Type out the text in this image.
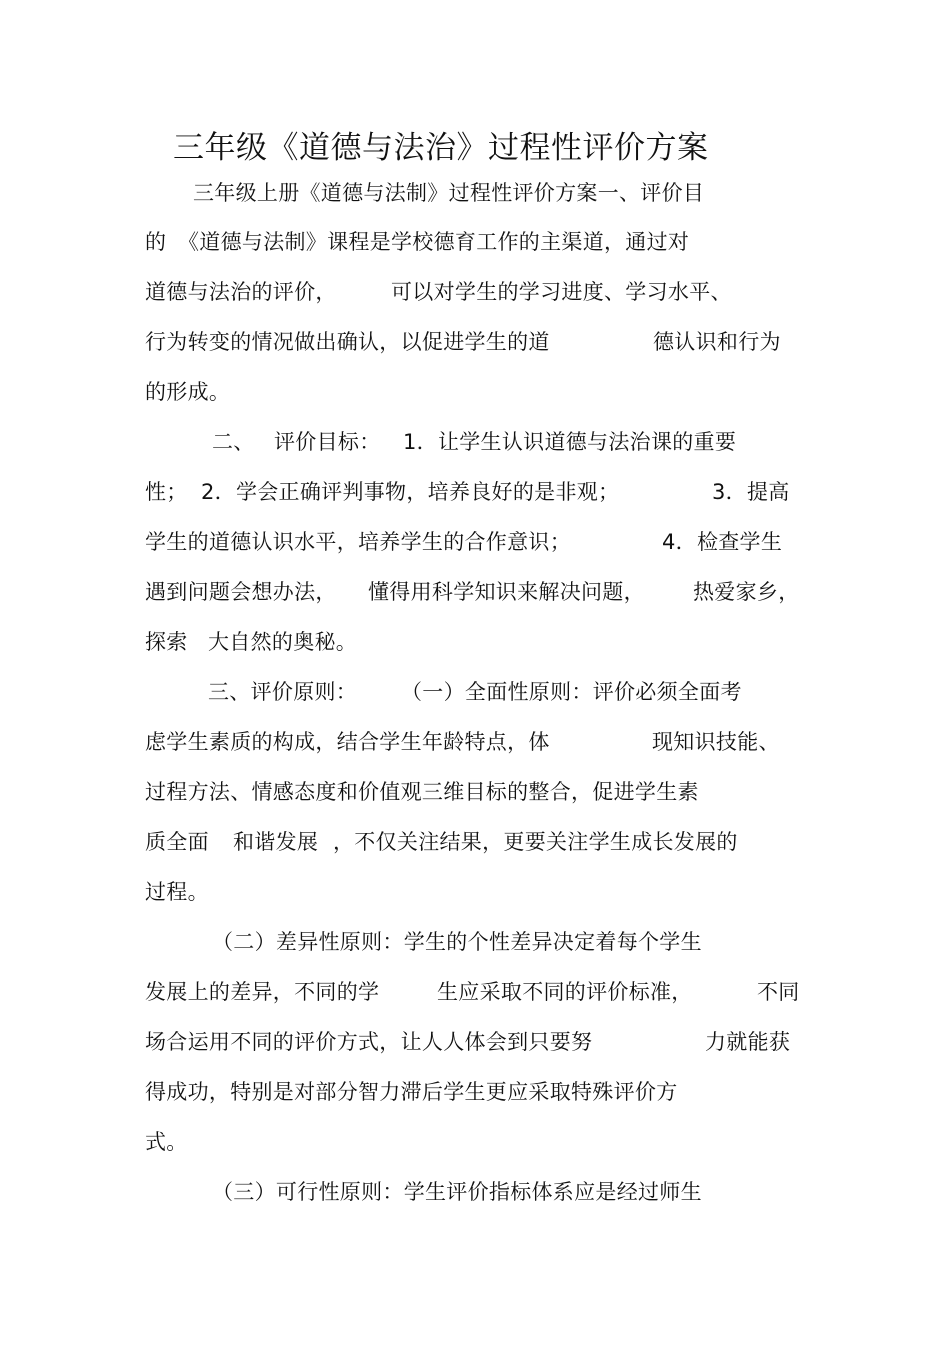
三年级《道德与法治》过程性评价方案
三年级上册《道德与法制》过程性评价方案一、评价目
的 《道德与法制》课程是学校德育工作的主渠道，通过对
道德与法治的评价，	可以对学生的学习进度、学习水平、
行为转变的情况做出确认，以促进学生的道	德认识和行为
的形成。
二、 评价目标： 1．让学生认识道德与法治课的重要
性； 2．学会正确评判事物，培养良好的是非观；	3．提高
学生的道德认识水平，培养学生的合作意识；	4．检查学生
遇到问题会想办法， 懂得用科学知识来解决问题， 热爱家乡，
探索 大自然的奥秘。
三、评价原则： （一）全面性原则：评价必须全面考
虑学生素质的构成，结合学生年龄特点，体	现知识技能、
过程方法、情感态度和价值观三维目标的整合，促进学生素
质全面 和谐发展 ，不仅关注结果，更要关注学生成长发展的
过程。
（二）差异性原则：学生的个性差异决定着每个学生
发展上的差异，不同的学	生应采取不同的评价标准，	不同
场合运用不同的评价方式，让人人体会到只要努	力就能获
得成功，特别是对部分智力滞后学生更应采取特殊评价方
式。
（三）可行性原则：学生评价指标体系应是经过师生
